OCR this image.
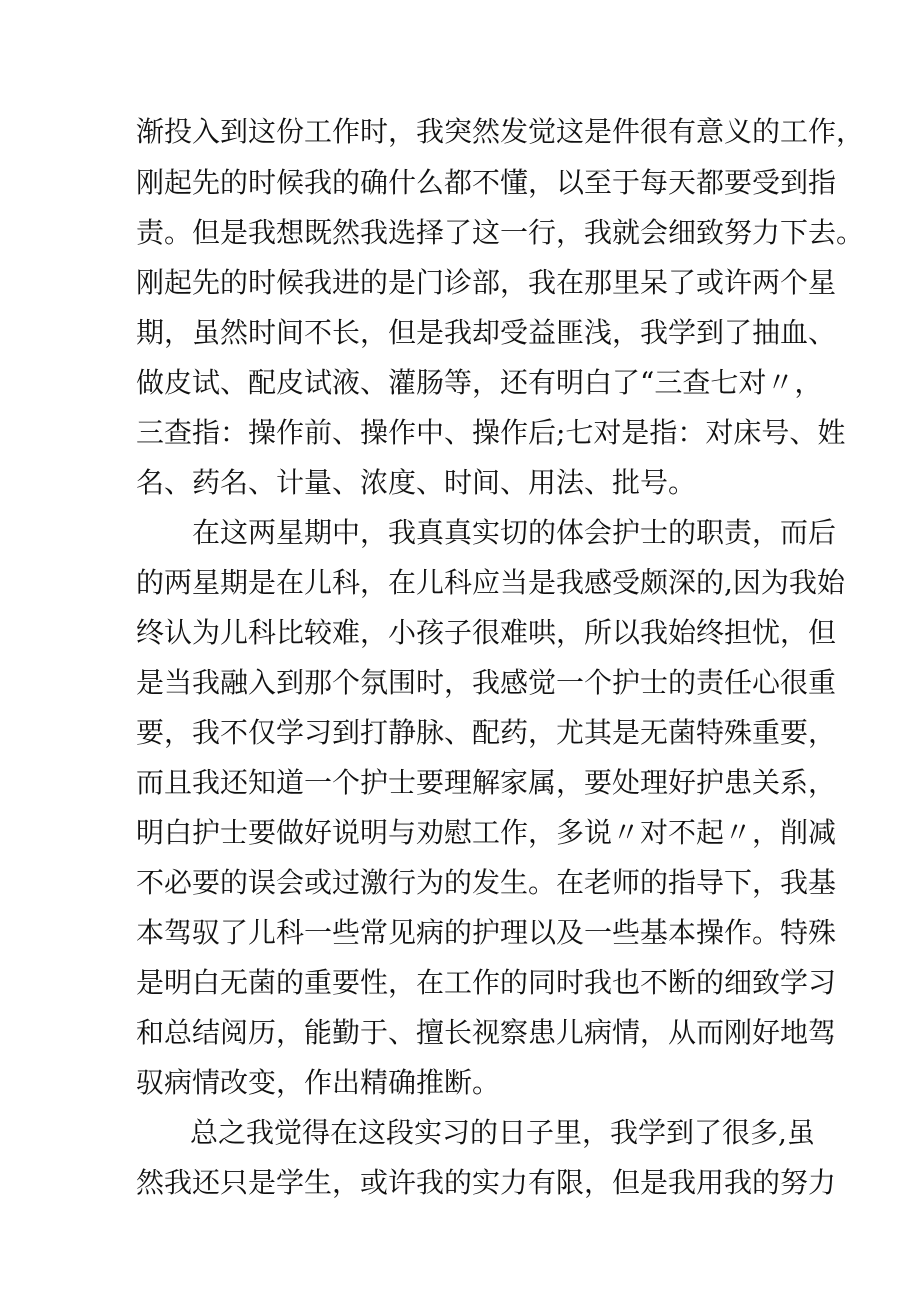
渐投入到这份工作时，我突然发觉这是件很有意义的工作，

刚起先的时候我的确什么都不懂，以至于每天都要受到指

责。但是我想既然我选择了这一行，我就会细致努力下去。

刚起先的时候我进的是门诊部，我在那里呆了或许两个星

期，虽然时间不长，但是我却受益匪浅，我学到了抽血、

做皮试、配皮试液、灌肠等，还有明白了“三查七对〃，

三查指：操作前、操作中、操作后;七对是指：对床号、姓

名、药名、计量、浓度、时间、用法、批号。

在这两星期中，我真真实切的体会护士的职责，而后

的两星期是在儿科，在儿科应当是我感受颇深的,因为我始

终认为儿科比较难，小孩子很难哄，所以我始终担忧，但

是当我融入到那个氛围时，我感觉一个护士的责任心很重

要，我不仅学习到打静脉、配药，尤其是无菌特殊重要，

而且我还知道一个护士要理解家属，要处理好护患关系，

明白护士要做好说明与劝慰工作，多说〃对不起〃，削减

不必要的误会或过激行为的发生。在老师的指导下，我基

本驾驭了儿科一些常见病的护理以及一些基本操作。特殊

是明白无菌的重要性，在工作的同时我也不断的细致学习

和总结阅历，能勤于、擅长视察患儿病情，从而刚好地驾

驭病情改变，作出精确推断。

总之我觉得在这段实习的日子里，我学到了很多,虽

然我还只是学生，或许我的实力有限，但是我用我的努力
